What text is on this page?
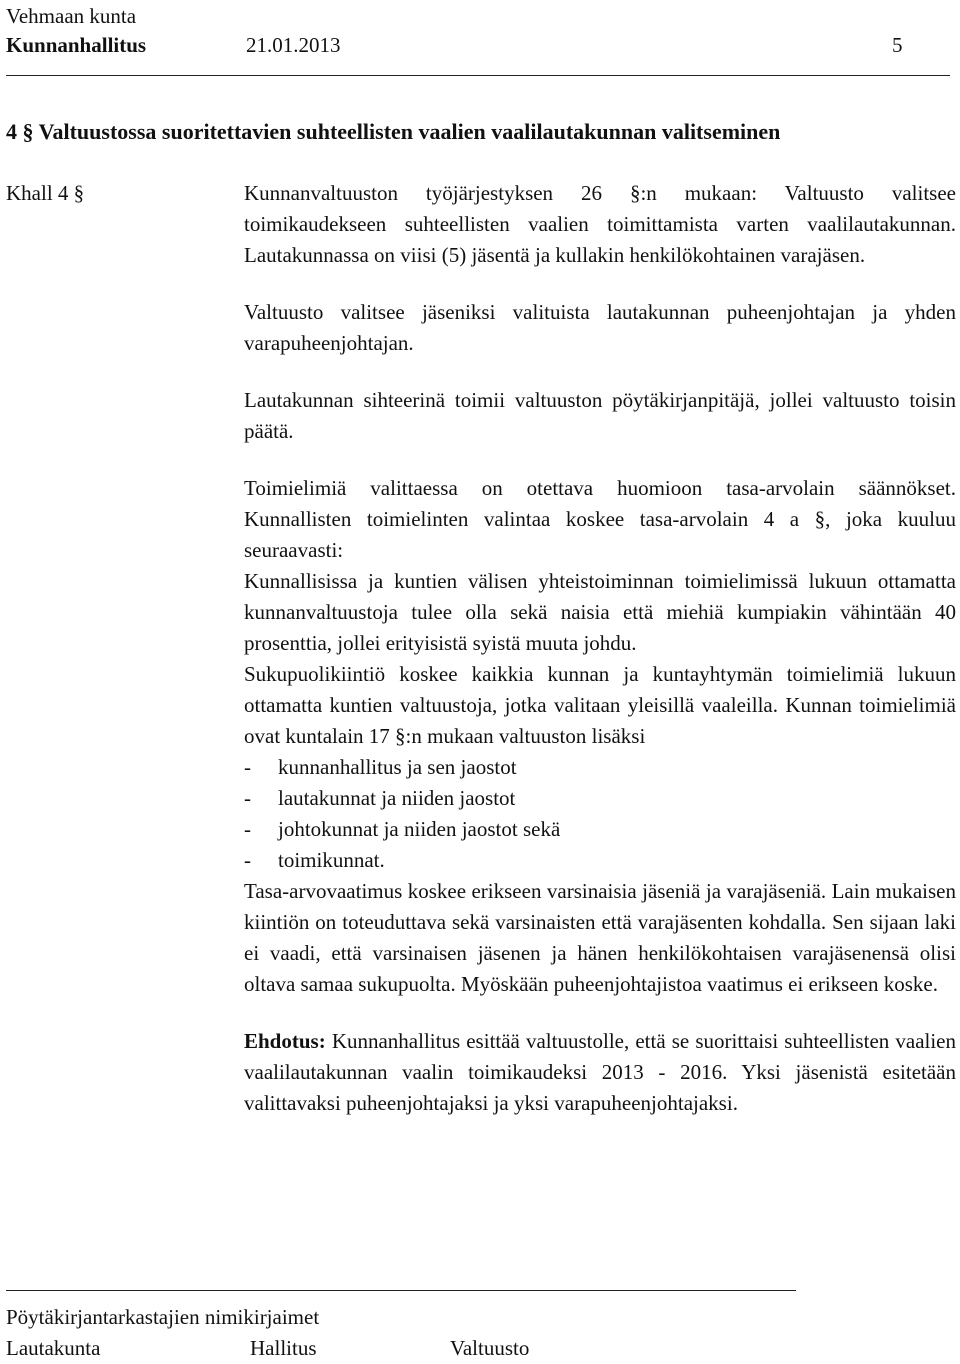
Vehmaan kunta
Kunnanhallitus	21.01.2013	5
4 § Valtuustossa suoritettavien suhteellisten vaalien vaalilautakunnan valitseminen
Khall 4 §	Kunnanvaltuuston työjärjestyksen 26 §:n mukaan: Valtuusto valitsee toimikaudekseen suhteellisten vaalien toimittamista varten vaalilautakunnan. Lautakunnassa on viisi (5) jäsentä ja kullakin henkilökohtainen varajäsen.

Valtuusto valitsee jäseniksi valituista lautakunnan puheenjohtajan ja yhden varapuheenjohtajan.

Lautakunnan sihteerinä toimii valtuuston pöytäkirjanpitäjä, jollei valtuusto toisin päätä.

Toimielimiä valittaessa on otettava huomioon tasa-arvolain säännökset. Kunnallisten toimielinten valintaa koskee tasa-arvolain 4 a §, joka kuuluu seuraavasti:

Kunnallisissa ja kuntien välisen yhteistoiminnan toimielimissä lukuun ottamatta kunnanvaltuustoja tulee olla sekä naisia että miehiä kumpiakin vähintään 40 prosenttia, jollei erityisistä syistä muuta johdu.

Sukupuolikiintiö koskee kaikkia kunnan ja kuntayhtymän toimielimiä lukuun ottamatta kuntien valtuustoja, jotka valitaan yleisillä vaaleilla. Kunnan toimielimiä ovat kuntalain 17 §:n mukaan valtuuston lisäksi

- kunnanhallitus ja sen jaostot
- lautakunnat ja niiden jaostot
- johtokunnat ja niiden jaostot sekä
- toimikunnat.

Tasa-arvovaatimus koskee erikseen varsinaisia jäseniä ja varajäseniä. Lain mukaisen kiintiön on toteuduttava sekä varsinaisten että varajäsenten kohdalla. Sen sijaan laki ei vaadi, että varsinaisen jäsenen ja hänen henkilökohtaisen varajäsenensä olisi oltava samaa sukupuolta. Myöskään puheenjohtajistoa vaatimus ei erikseen koske.

Ehdotus: Kunnanhallitus esittää valtuustolle, että se suorittaisi suhteellisten vaalien vaalilautakunnan vaalin toimikaudeksi 2013 - 2016. Yksi jäsenistä esitetään valittavaksi puheenjohtajaksi ja yksi varapuheenjohtajaksi.

Pöytäkirjantarkastajien nimikirjaimet
Lautakunta	Hallitus	Valtuusto
